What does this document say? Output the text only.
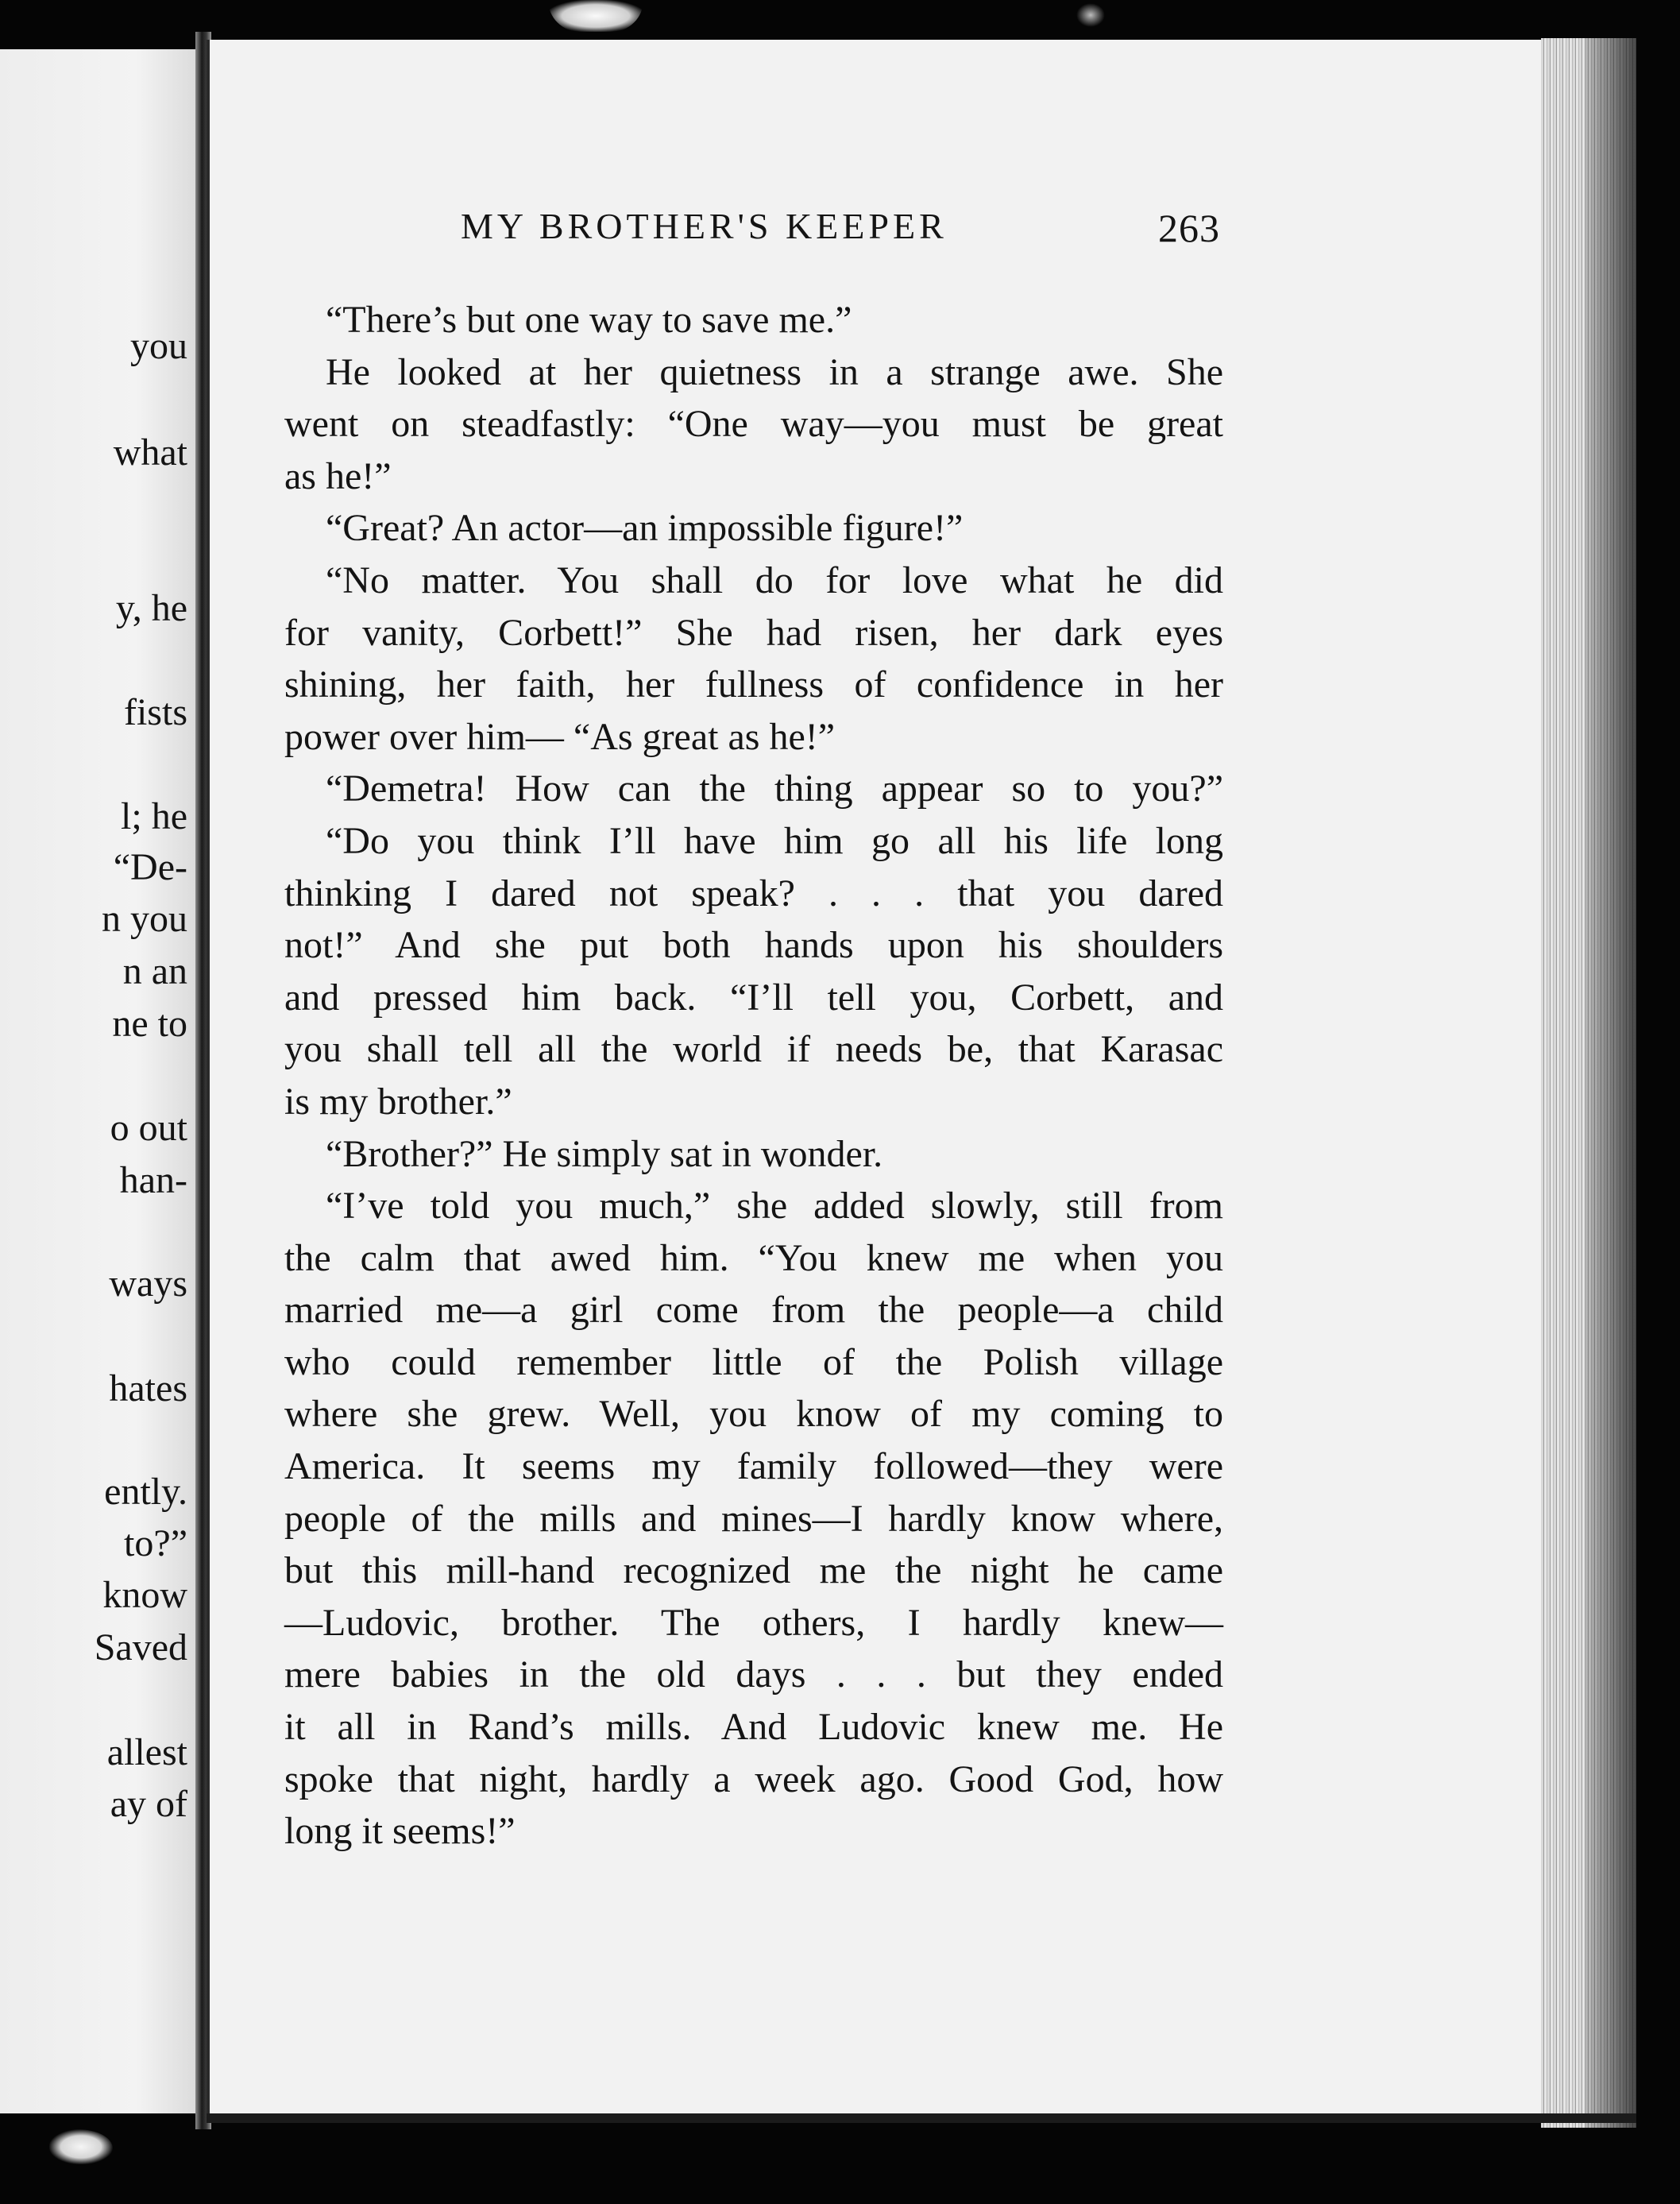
you
what
y, he
fists
l; he
“De-
n you
n an
ne to
o out
han-
ways
hates
ently.
to?”
know
Saved
allest
ay of
MY BROTHER'S KEEPER	263
“There’s but one way to save me.”
He looked at her quietness in a strange awe. She
went on steadfastly: “One way—you must be great
as he!”
“Great? An actor—an impossible figure!”
“No matter. You shall do for love what he did
for vanity, Corbett!” She had risen, her dark eyes
shining, her faith, her fullness of confidence in her
power over him— “As great as he!”
“Demetra! How can the thing appear so to you?”
“Do you think I’ll have him go all his life long
thinking I dared not speak? . . . that you dared
not!” And she put both hands upon his shoulders
and pressed him back. “I’ll tell you, Corbett, and
you shall tell all the world if needs be, that Karasac
is my brother.”
“Brother?” He simply sat in wonder.
“I’ve told you much,” she added slowly, still from
the calm that awed him. “You knew me when you
married me—a girl come from the people—a child
who could remember little of the Polish village
where she grew. Well, you know of my coming to
America. It seems my family followed—they were
people of the mills and mines—I hardly know where,
but this mill-hand recognized me the night he came
—Ludovic, brother. The others, I hardly knew—
mere babies in the old days . . . but they ended
it all in Rand’s mills. And Ludovic knew me. He
spoke that night, hardly a week ago. Good God, how
long it seems!”
